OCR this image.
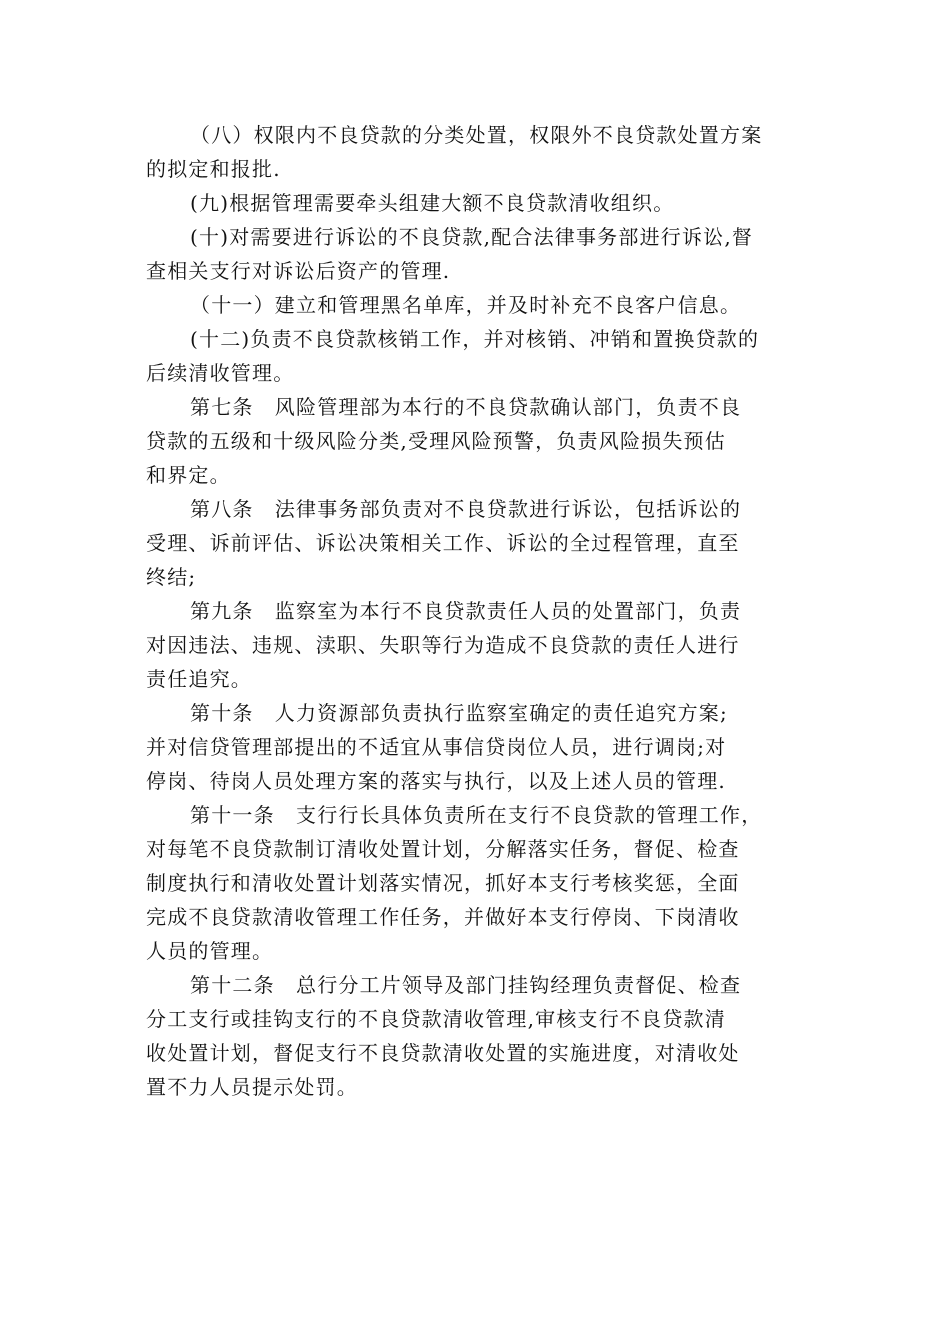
（八）权限内不良贷款的分类处置，权限外不良贷款处置方案
的拟定和报批.
(九)根据管理需要牵头组建大额不良贷款清收组织。
(十)对需要进行诉讼的不良贷款,配合法律事务部进行诉讼,督
查相关支行对诉讼后资产的管理.
（十一）建立和管理黑名单库，并及时补充不良客户信息。
(十二)负责不良贷款核销工作，并对核销、冲销和置换贷款的
后续清收管理。
第七条　风险管理部为本行的不良贷款确认部门，负责不良
贷款的五级和十级风险分类,受理风险预警，负责风险损失预估
和界定。
第八条　法律事务部负责对不良贷款进行诉讼，包括诉讼的
受理、诉前评估、诉讼决策相关工作、诉讼的全过程管理，直至
终结;
第九条　监察室为本行不良贷款责任人员的处置部门，负责
对因违法、违规、渎职、失职等行为造成不良贷款的责任人进行
责任追究。
第十条　人力资源部负责执行监察室确定的责任追究方案;
并对信贷管理部提出的不适宜从事信贷岗位人员，进行调岗;对
停岗、待岗人员处理方案的落实与执行，以及上述人员的管理.
第十一条　支行行长具体负责所在支行不良贷款的管理工作，
对每笔不良贷款制订清收处置计划，分解落实任务，督促、检查
制度执行和清收处置计划落实情况，抓好本支行考核奖惩，全面
完成不良贷款清收管理工作任务，并做好本支行停岗、下岗清收
人员的管理。
第十二条　总行分工片领导及部门挂钩经理负责督促、检查
分工支行或挂钩支行的不良贷款清收管理,审核支行不良贷款清
收处置计划，督促支行不良贷款清收处置的实施进度，对清收处
置不力人员提示处罚。
